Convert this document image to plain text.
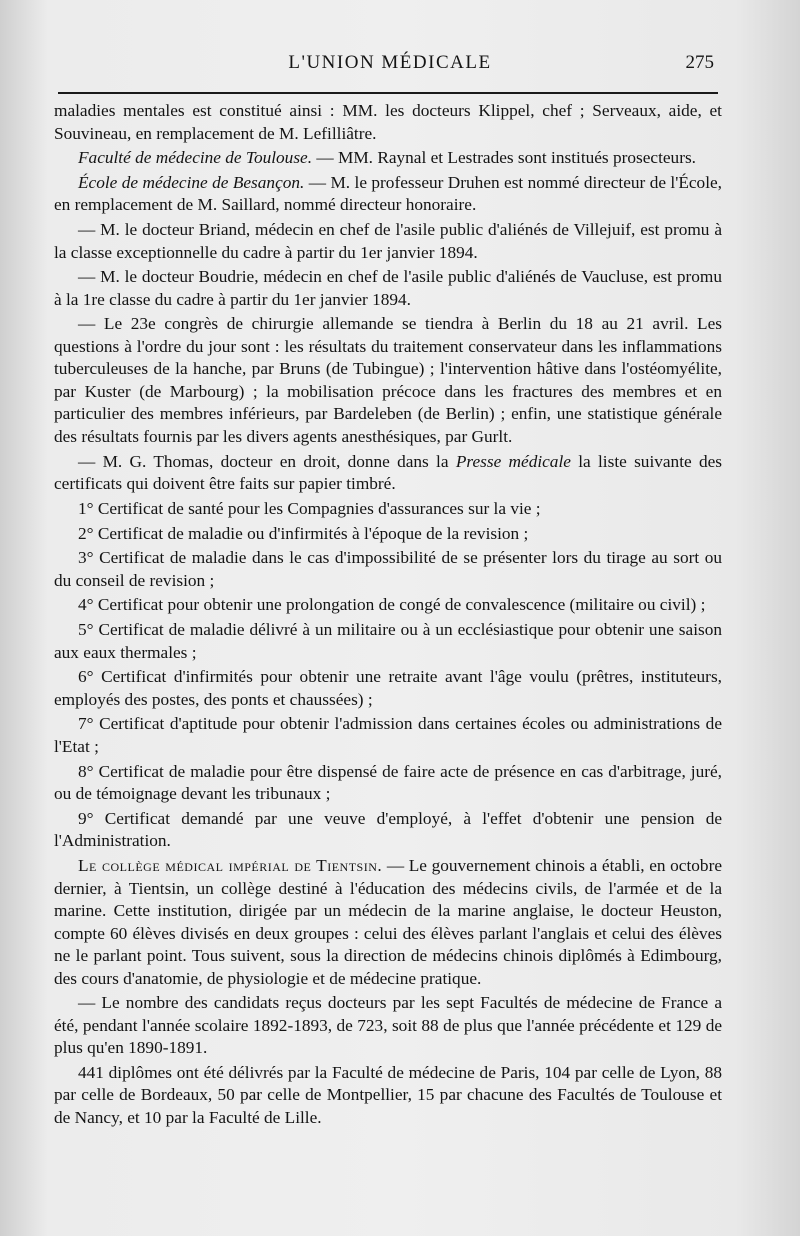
L'UNION MÉDICALE	275

maladies mentales est constitué ainsi : MM. les docteurs Klippel, chef ; Serveaux, aide, et Souvineau, en remplacement de M. Lefilliâtre.

Faculté de médecine de Toulouse. — MM. Raynal et Lestrades sont institués prosecteurs.

École de médecine de Besançon. — M. le professeur Druhen est nommé directeur de l'École, en remplacement de M. Saillard, nommé directeur honoraire.

— M. le docteur Briand, médecin en chef de l'asile public d'aliénés de Villejuif, est promu à la classe exceptionnelle du cadre à partir du 1er janvier 1894.

— M. le docteur Boudrie, médecin en chef de l'asile public d'aliénés de Vaucluse, est promu à la 1re classe du cadre à partir du 1er janvier 1894.

— Le 23e congrès de chirurgie allemande se tiendra à Berlin du 18 au 21 avril. Les questions à l'ordre du jour sont : les résultats du traitement conservateur dans les inflammations tuberculeuses de la hanche, par Bruns (de Tubingue) ; l'intervention hâtive dans l'ostéomyélite, par Kuster (de Marbourg) ; la mobilisation précoce dans les fractures des membres et en particulier des membres inférieurs, par Bardeleben (de Berlin) ; enfin, une statistique générale des résultats fournis par les divers agents anesthésiques, par Gurlt.

— M. G. Thomas, docteur en droit, donne dans la Presse médicale la liste suivante des certificats qui doivent être faits sur papier timbré.

1° Certificat de santé pour les Compagnies d'assurances sur la vie ;

2° Certificat de maladie ou d'infirmités à l'époque de la revision ;

3° Certificat de maladie dans le cas d'impossibilité de se présenter lors du tirage au sort ou du conseil de revision ;

4° Certificat pour obtenir une prolongation de congé de convalescence (militaire ou civil) ;

5° Certificat de maladie délivré à un militaire ou à un ecclésiastique pour obtenir une saison aux eaux thermales ;

6° Certificat d'infirmités pour obtenir une retraite avant l'âge voulu (prêtres, instituteurs, employés des postes, des ponts et chaussées) ;

7° Certificat d'aptitude pour obtenir l'admission dans certaines écoles ou administrations de l'Etat ;

8° Certificat de maladie pour être dispensé de faire acte de présence en cas d'arbitrage, juré, ou de témoignage devant les tribunaux ;

9° Certificat demandé par une veuve d'employé, à l'effet d'obtenir une pension de l'Administration.

Le collège médical impérial de Tientsin. — Le gouvernement chinois a établi, en octobre dernier, à Tientsin, un collège destiné à l'éducation des médecins civils, de l'armée et de la marine. Cette institution, dirigée par un médecin de la marine anglaise, le docteur Heuston, compte 60 élèves divisés en deux groupes : celui des élèves parlant l'anglais et celui des élèves ne le parlant point. Tous suivent, sous la direction de médecins chinois diplômés à Edimbourg, des cours d'anatomie, de physiologie et de médecine pratique.

— Le nombre des candidats reçus docteurs par les sept Facultés de médecine de France a été, pendant l'année scolaire 1892-1893, de 723, soit 88 de plus que l'année précédente et 129 de plus qu'en 1890-1891.

441 diplômes ont été délivrés par la Faculté de médecine de Paris, 104 par celle de Lyon, 88 par celle de Bordeaux, 50 par celle de Montpellier, 15 par chacune des Facultés de Toulouse et de Nancy, et 10 par la Faculté de Lille.
